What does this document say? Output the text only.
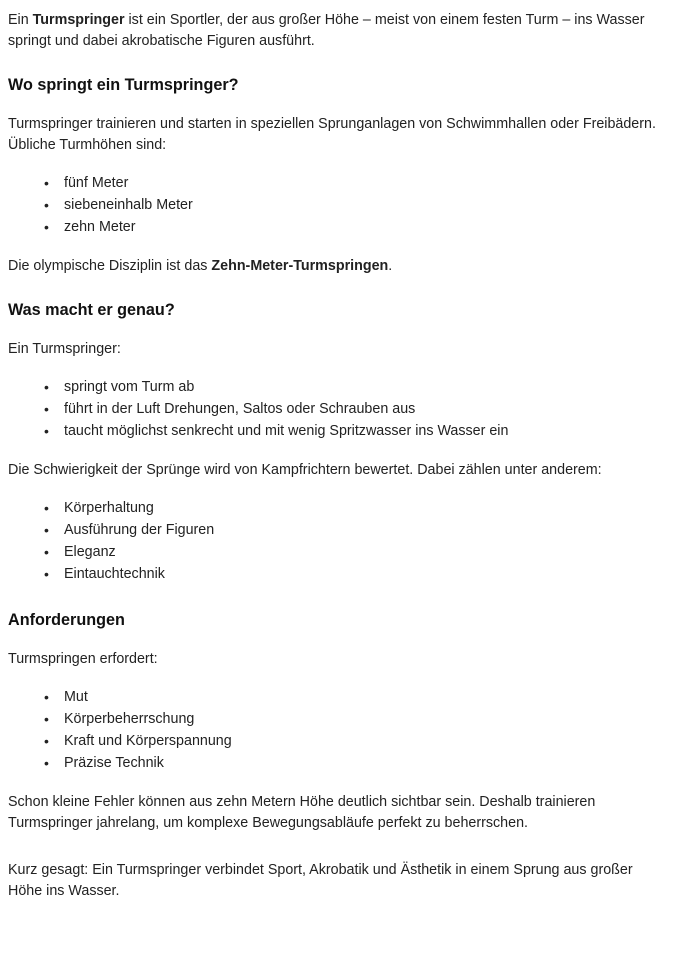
Ein Turmspringer ist ein Sportler, der aus großer Höhe – meist von einem festen Turm – ins Wasser springt und dabei akrobatische Figuren ausführt.

Wo springt ein Turmspringer?

Turmspringer trainieren und starten in speziellen Sprunganlagen von Schwimmhallen oder Freibädern. Übliche Turmhöhen sind:

• fünf Meter
• siebeneinhalb Meter
• zehn Meter

Die olympische Disziplin ist das Zehn-Meter-Turmspringen.

Was macht er genau?

Ein Turmspringer:

• springt vom Turm ab
• führt in der Luft Drehungen, Saltos oder Schrauben aus
• taucht möglichst senkrecht und mit wenig Spritzwasser ins Wasser ein

Die Schwierigkeit der Sprünge wird von Kampfrichtern bewertet. Dabei zählen unter anderem:

• Körperhaltung
• Ausführung der Figuren
• Eleganz
• Eintauchtechnik
Anforderungen

Turmspringen erfordert:

• Mut
• Körperbeherrschung
• Kraft und Körperspannung
• Präzise Technik

Schon kleine Fehler können aus zehn Metern Höhe deutlich sichtbar sein. Deshalb trainieren Turmspringer jahrelang, um komplexe Bewegungsabläufe perfekt zu beherrschen.

Kurz gesagt: Ein Turmspringer verbindet Sport, Akrobatik und Ästhetik in einem Sprung aus großer Höhe ins Wasser.
